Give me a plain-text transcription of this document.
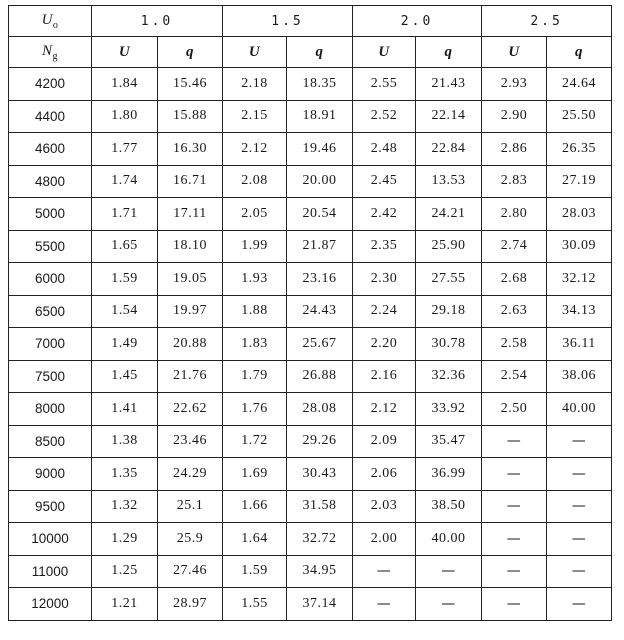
$U_o$	1.0		1.5		2.0		2.5	
$N_g$	U	q	U	q	U	q	U	q
4200	1.84	15.46	2.18	18.35	2.55	21.43	2.93	24.64
4400	1.80	15.88	2.15	18.91	2.52	22.14	2.90	25.50
4600	1.77	16.30	2.12	19.46	2.48	22.84	2.86	26.35
4800	1.74	16.71	2.08	20.00	2.45	13.53	2.83	27.19
5000	1.71	17.11	2.05	20.54	2.42	24.21	2.80	28.03
5500	1.65	18.10	1.99	21.87	2.35	25.90	2.74	30.09
6000	1.59	19.05	1.93	23.16	2.30	27.55	2.68	32.12
6500	1.54	19.97	1.88	24.43	2.24	29.18	2.63	34.13
7000	1.49	20.88	1.83	25.67	2.20	30.78	2.58	36.11
7500	1.45	21.76	1.79	26.88	2.16	32.36	2.54	38.06
8000	1.41	22.62	1.76	28.08	2.12	33.92	2.50	40.00
8500	1.38	23.46	1.72	29.26	2.09	35.47	—	—
9000	1.35	24.29	1.69	30.43	2.06	36.99	—	—
9500	1.32	25.1	1.66	31.58	2.03	38.50	—	—
10000	1.29	25.9	1.64	32.72	2.00	40.00	—	—
11000	1.25	27.46	1.59	34.95	—	—	—	—
12000	1.21	28.97	1.55	37.14	—	—	—	—
